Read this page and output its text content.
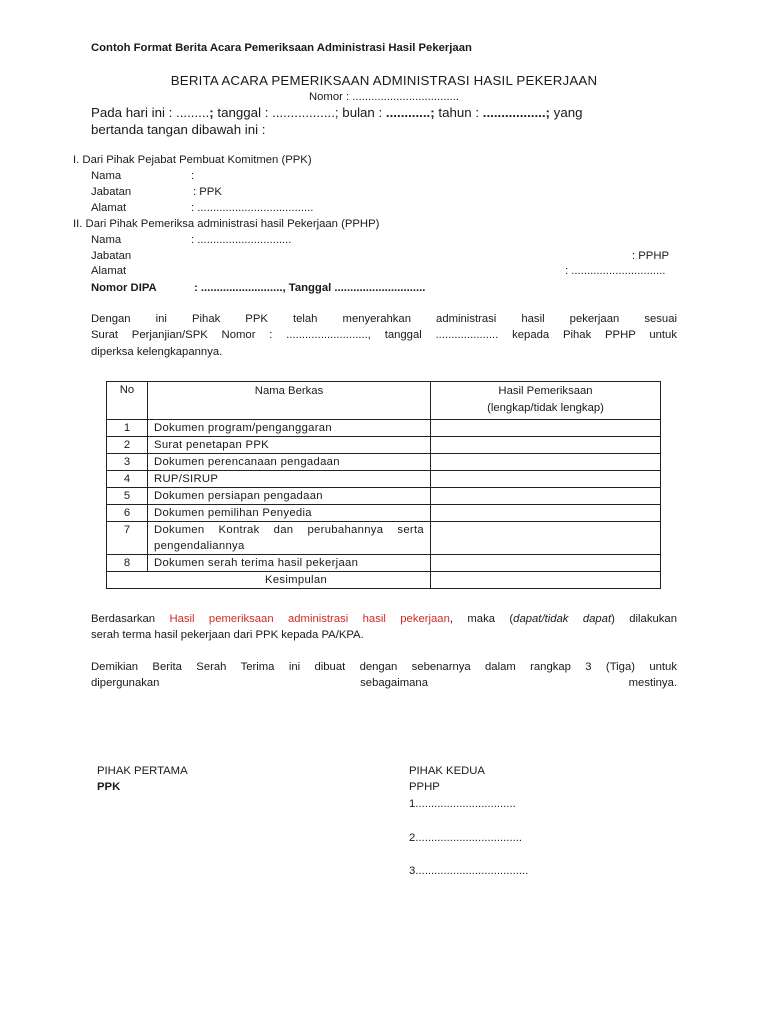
Contoh Format Berita Acara Pemeriksaan Administrasi Hasil Pekerjaan
BERITA ACARA PEMERIKSAAN ADMINISTRASI HASIL PEKERJAAN
Nomor : ..................................
Pada hari ini : .........; tanggal : .................; bulan : ............; tahun : .................; yang
bertanda tangan dibawah ini :
I. Dari Pihak Pejabat Pembuat Komitmen (PPK)
Nama	:
Jabatan	: PPK
Alamat	: .....................................
II. Dari Pihak Pemeriksa administrasi hasil Pekerjaan (PPHP)
Nama	: ..............................
Jabatan	: PPHP
Alamat	: ..............................
Nomor DIPA	: .........................., Tanggal .............................
Dengan ini Pihak PPK telah menyerahkan administrasi hasil pekerjaan sesuai
Surat Perjanjian/SPK Nomor : .........................., tanggal .................... kepada Pihak PPHP untuk
diperksa kelengkapannya.
No	Nama Berkas	Hasil Pemeriksaan
(lengkap/tidak lengkap)
1	Dokumen program/penganggaran	
2	Surat penetapan PPK	
3	Dokumen perencanaan pengadaan	
4	RUP/SIRUP	
5	Dokumen persiapan pengadaan	
6	Dokumen pemilihan Penyedia	
7	Dokumen Kontrak dan perubahannya serta
pengendaliannya	

8	Dokumen serah terima hasil pekerjaan	
Kesimpulan		
Berdasarkan Hasil pemeriksaan administrasi hasil pekerjaan, maka (dapat/tidak dapat) dilakukan
serah terma hasil pekerjaan dari PPK kepada PA/KPA.
Demikian Berita Serah Terima ini dibuat dengan sebenarnya dalam rangkap 3 (Tiga) untuk
dipergunakan sebagaimana mestinya.
PIHAK PERTAMA
PPK
PIHAK KEDUA
PPHP
1................................
2..................................
3....................................
